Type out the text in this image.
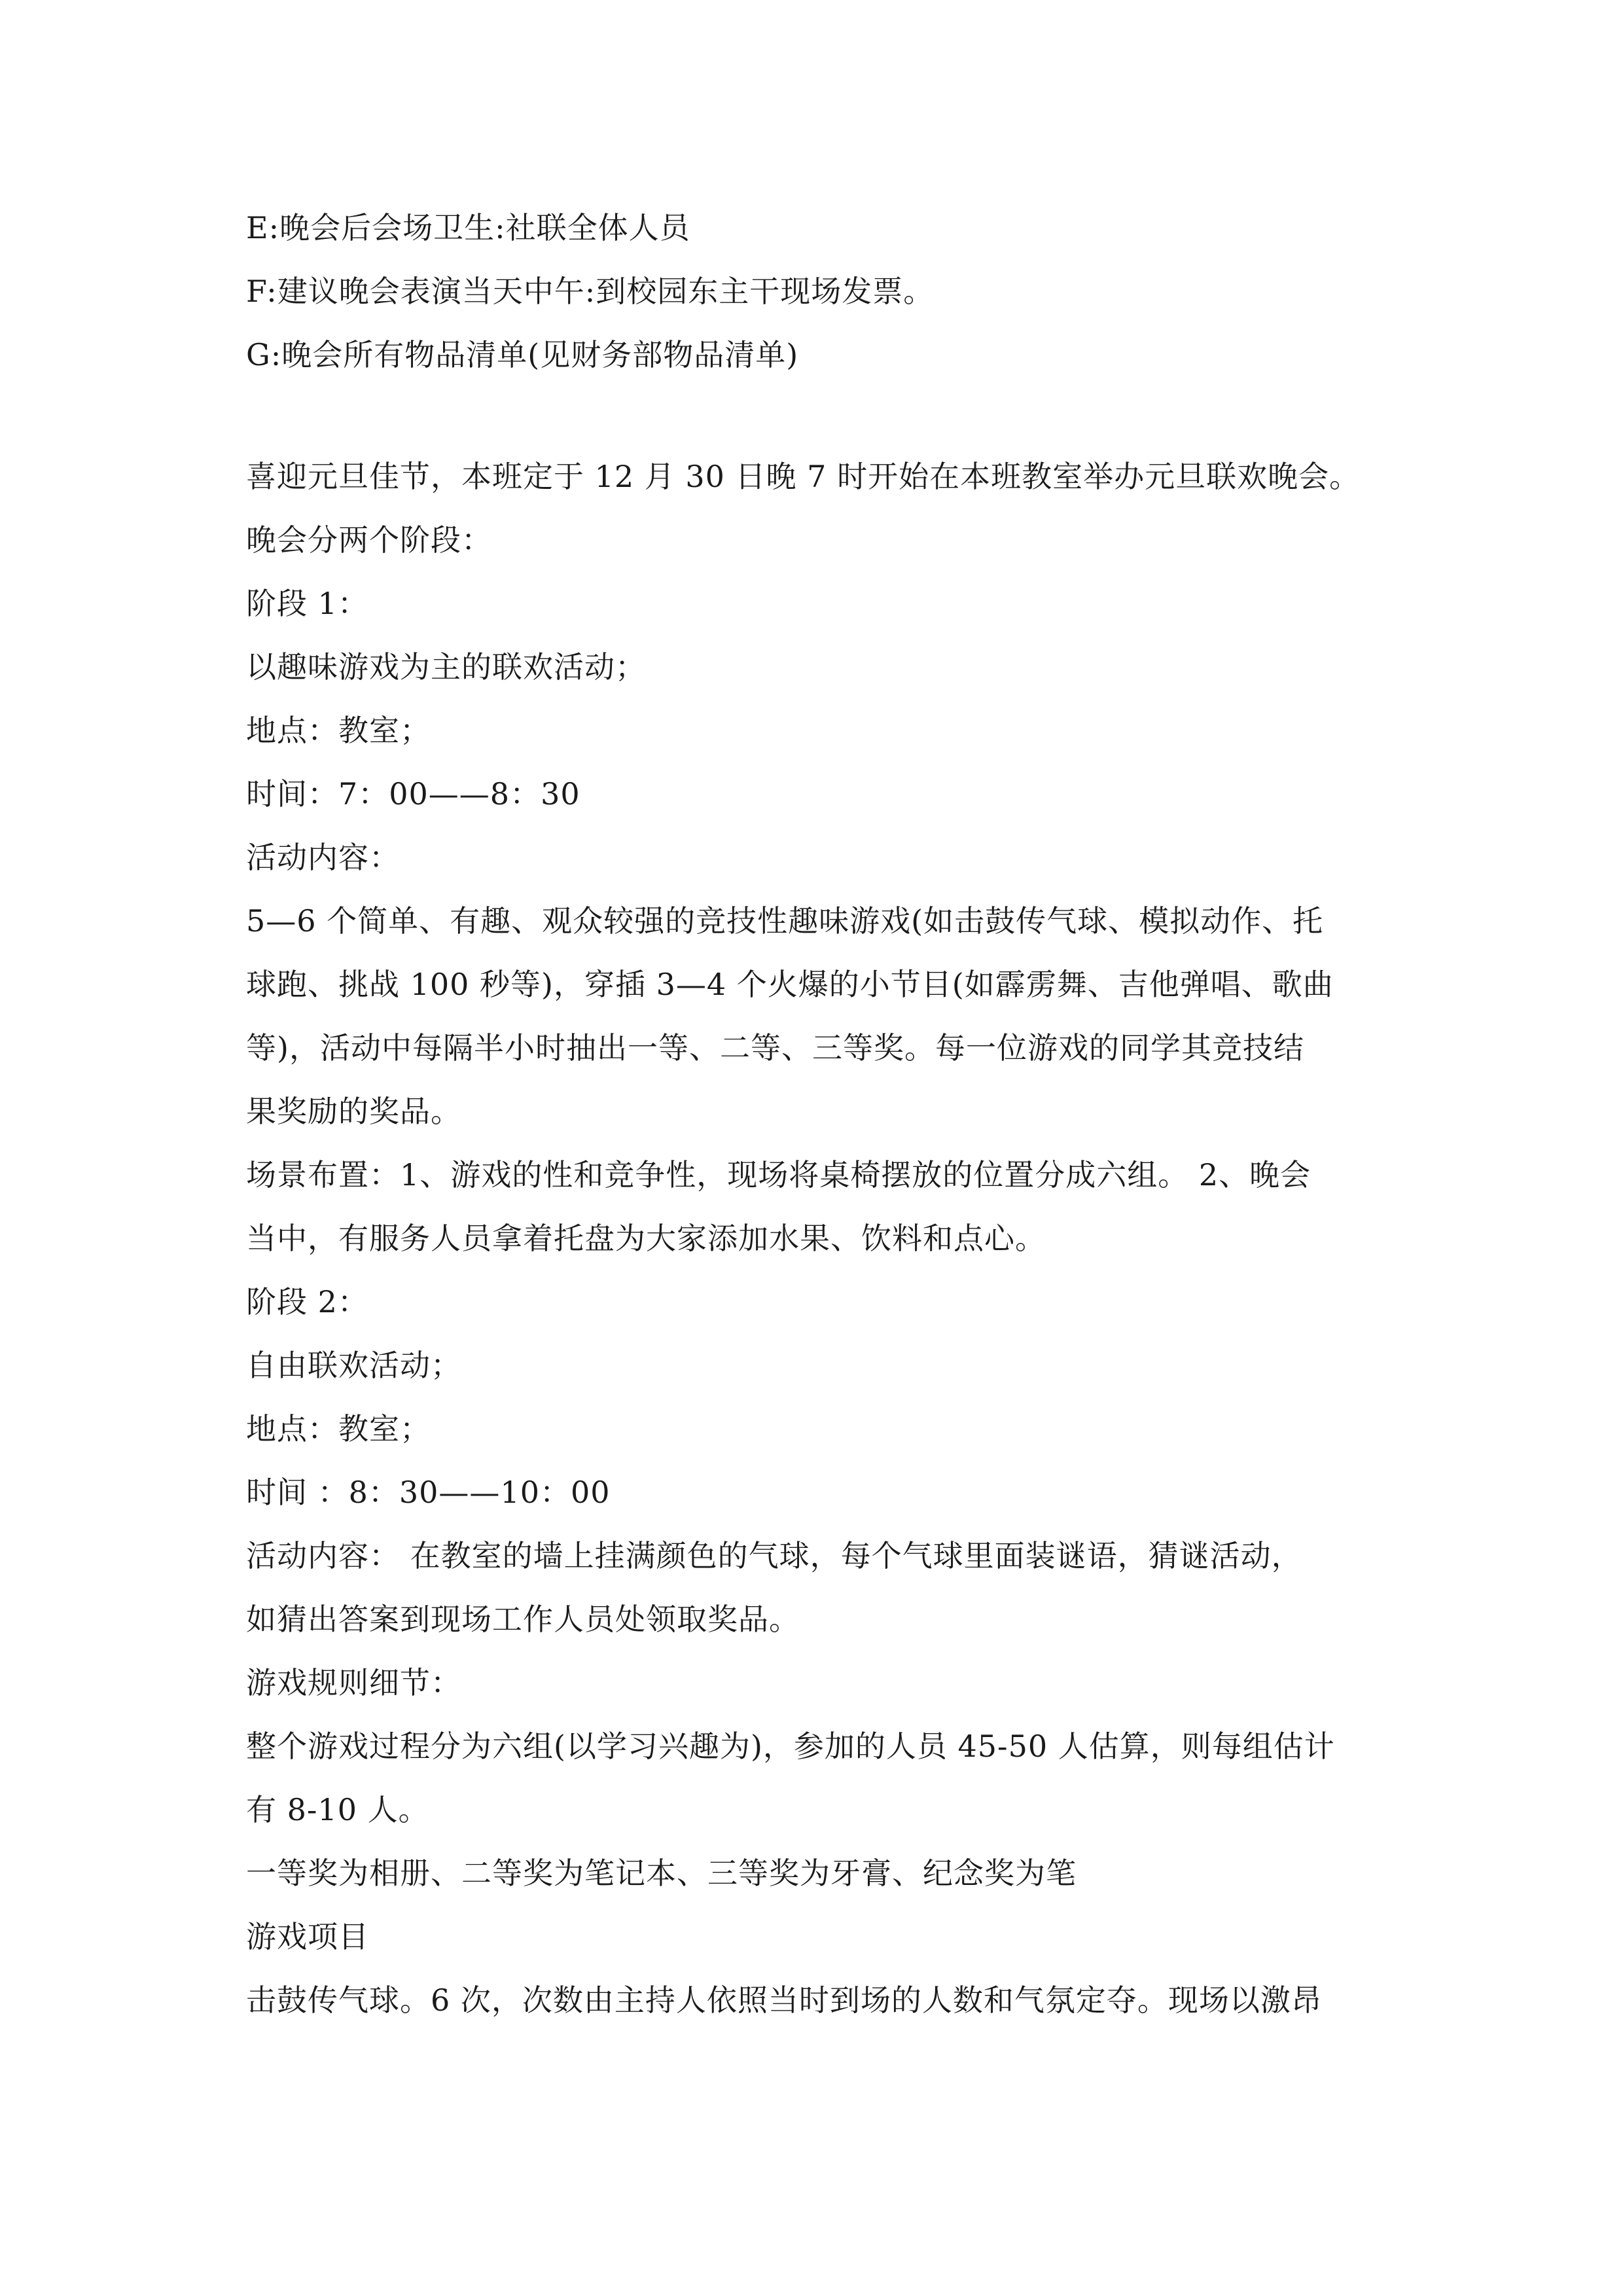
E:晚会后会场卫生:社联全体人员
F:建议晚会表演当天中午:到校园东主干现场发票。
G:晚会所有物品清单(见财务部物品清单)
喜迎元旦佳节，本班定于 12 月 30 日晚 7 时开始在本班教室举办元旦联欢晚会。
晚会分两个阶段：
阶段 1：
以趣味游戏为主的联欢活动；
地点：教室；
时间：7：00——8：30
活动内容：
5—6 个简单、有趣、观众较强的竞技性趣味游戏(如击鼓传气球、模拟动作、托
球跑、挑战 100 秒等)，穿插 3—4 个火爆的小节目(如霹雳舞、吉他弹唱、歌曲
等)，活动中每隔半小时抽出一等、二等、三等奖。每一位游戏的同学其竞技结
果奖励的奖品。
场景布置：1、游戏的性和竞争性，现场将桌椅摆放的位置分成六组。 2、晚会
当中，有服务人员拿着托盘为大家添加水果、饮料和点心。
阶段 2：
自由联欢活动；
地点：教室；
时间 ：8：30——10：00
活动内容： 在教室的墙上挂满颜色的气球，每个气球里面装谜语，猜谜活动，
如猜出答案到现场工作人员处领取奖品。
游戏规则细节：
整个游戏过程分为六组(以学习兴趣为)，参加的人员 45-50 人估算，则每组估计
有 8-10 人。
一等奖为相册、二等奖为笔记本、三等奖为牙膏、纪念奖为笔
游戏项目
击鼓传气球。6 次，次数由主持人依照当时到场的人数和气氛定夺。现场以激昂
